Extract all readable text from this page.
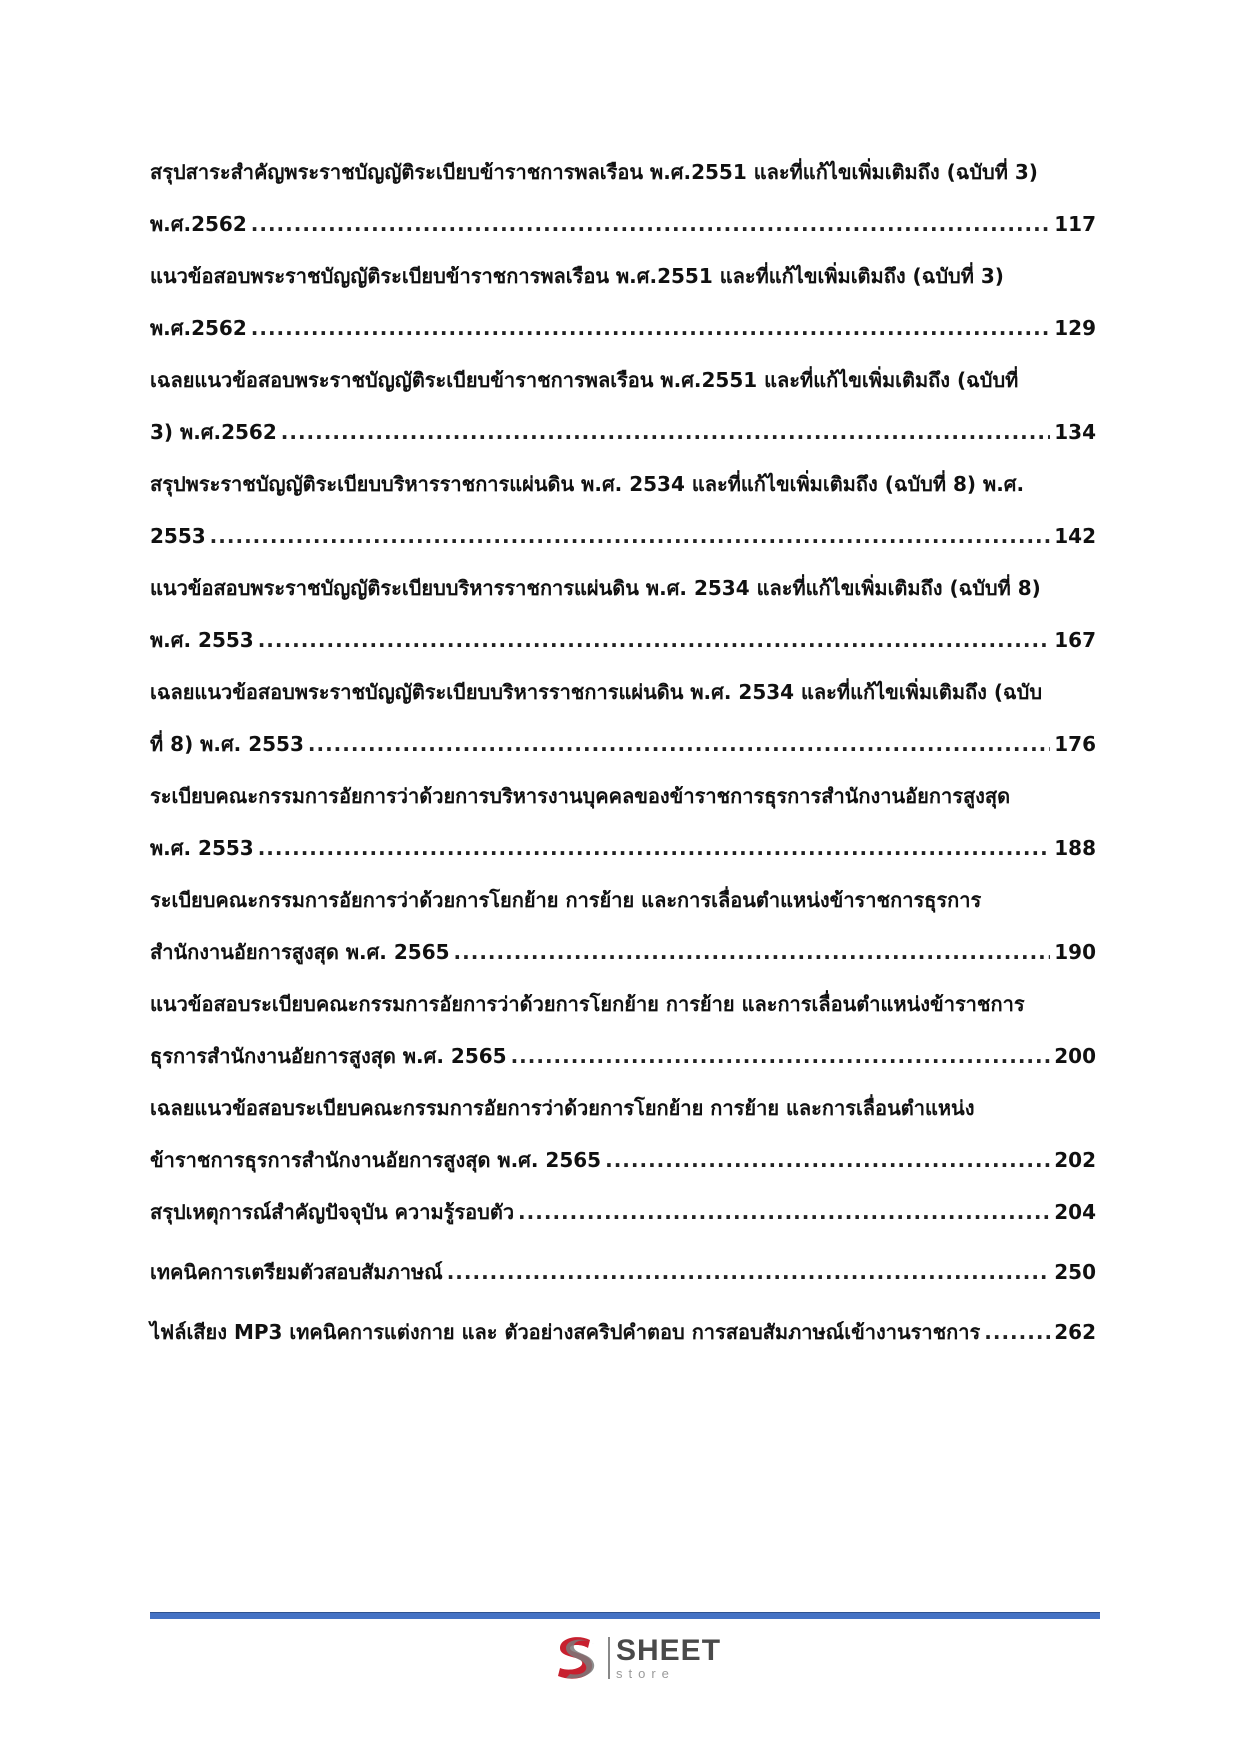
สรุปสาระสำคัญพระราชบัญญัติระเบียบข้าราชการพลเรือน พ.ศ.2551 และที่แก้ไขเพิ่มเติมถึง (ฉบับที่ 3)
พ.ศ.2562 .....	117
แนวข้อสอบพระราชบัญญัติระเบียบข้าราชการพลเรือน พ.ศ.2551 และที่แก้ไขเพิ่มเติมถึง (ฉบับที่ 3)
พ.ศ.2562 .....	129
เฉลยแนวข้อสอบพระราชบัญญัติระเบียบข้าราชการพลเรือน พ.ศ.2551 และที่แก้ไขเพิ่มเติมถึง (ฉบับที่
3) พ.ศ.2562 .....	134
สรุปพระราชบัญญัติระเบียบบริหารราชการแผ่นดิน พ.ศ. 2534 และที่แก้ไขเพิ่มเติมถึง (ฉบับที่ 8) พ.ศ.
2553 .....	142
แนวข้อสอบพระราชบัญญัติระเบียบบริหารราชการแผ่นดิน พ.ศ. 2534 และที่แก้ไขเพิ่มเติมถึง (ฉบับที่ 8)
พ.ศ. 2553 .....	167
เฉลยแนวข้อสอบพระราชบัญญัติระเบียบบริหารราชการแผ่นดิน พ.ศ. 2534 และที่แก้ไขเพิ่มเติมถึง (ฉบับ
ที่ 8) พ.ศ. 2553 .....	176
ระเบียบคณะกรรมการอัยการว่าด้วยการบริหารงานบุคคลของข้าราชการธุรการสำนักงานอัยการสูงสุด
พ.ศ. 2553 .....	188
ระเบียบคณะกรรมการอัยการว่าด้วยการโยกย้าย การย้าย และการเลื่อนตำแหน่งข้าราชการธุรการ
สำนักงานอัยการสูงสุด พ.ศ. 2565 .....	190
แนวข้อสอบระเบียบคณะกรรมการอัยการว่าด้วยการโยกย้าย การย้าย และการเลื่อนตำแหน่งข้าราชการ
ธุรการสำนักงานอัยการสูงสุด พ.ศ. 2565 .....	200
เฉลยแนวข้อสอบระเบียบคณะกรรมการอัยการว่าด้วยการโยกย้าย การย้าย และการเลื่อนตำแหน่ง
ข้าราชการธุรการสำนักงานอัยการสูงสุด พ.ศ. 2565 .....	202
สรุปเหตุการณ์สำคัญปัจจุบัน ความรู้รอบตัว .....	204
เทคนิคการเตรียมตัวสอบสัมภาษณ์ .....	250
ไฟล์เสียง MP3 เทคนิคการแต่งกาย และ ตัวอย่างสคริปคำตอบ การสอบสัมภาษณ์เข้างานราชการ .....	262
SHEET
store
